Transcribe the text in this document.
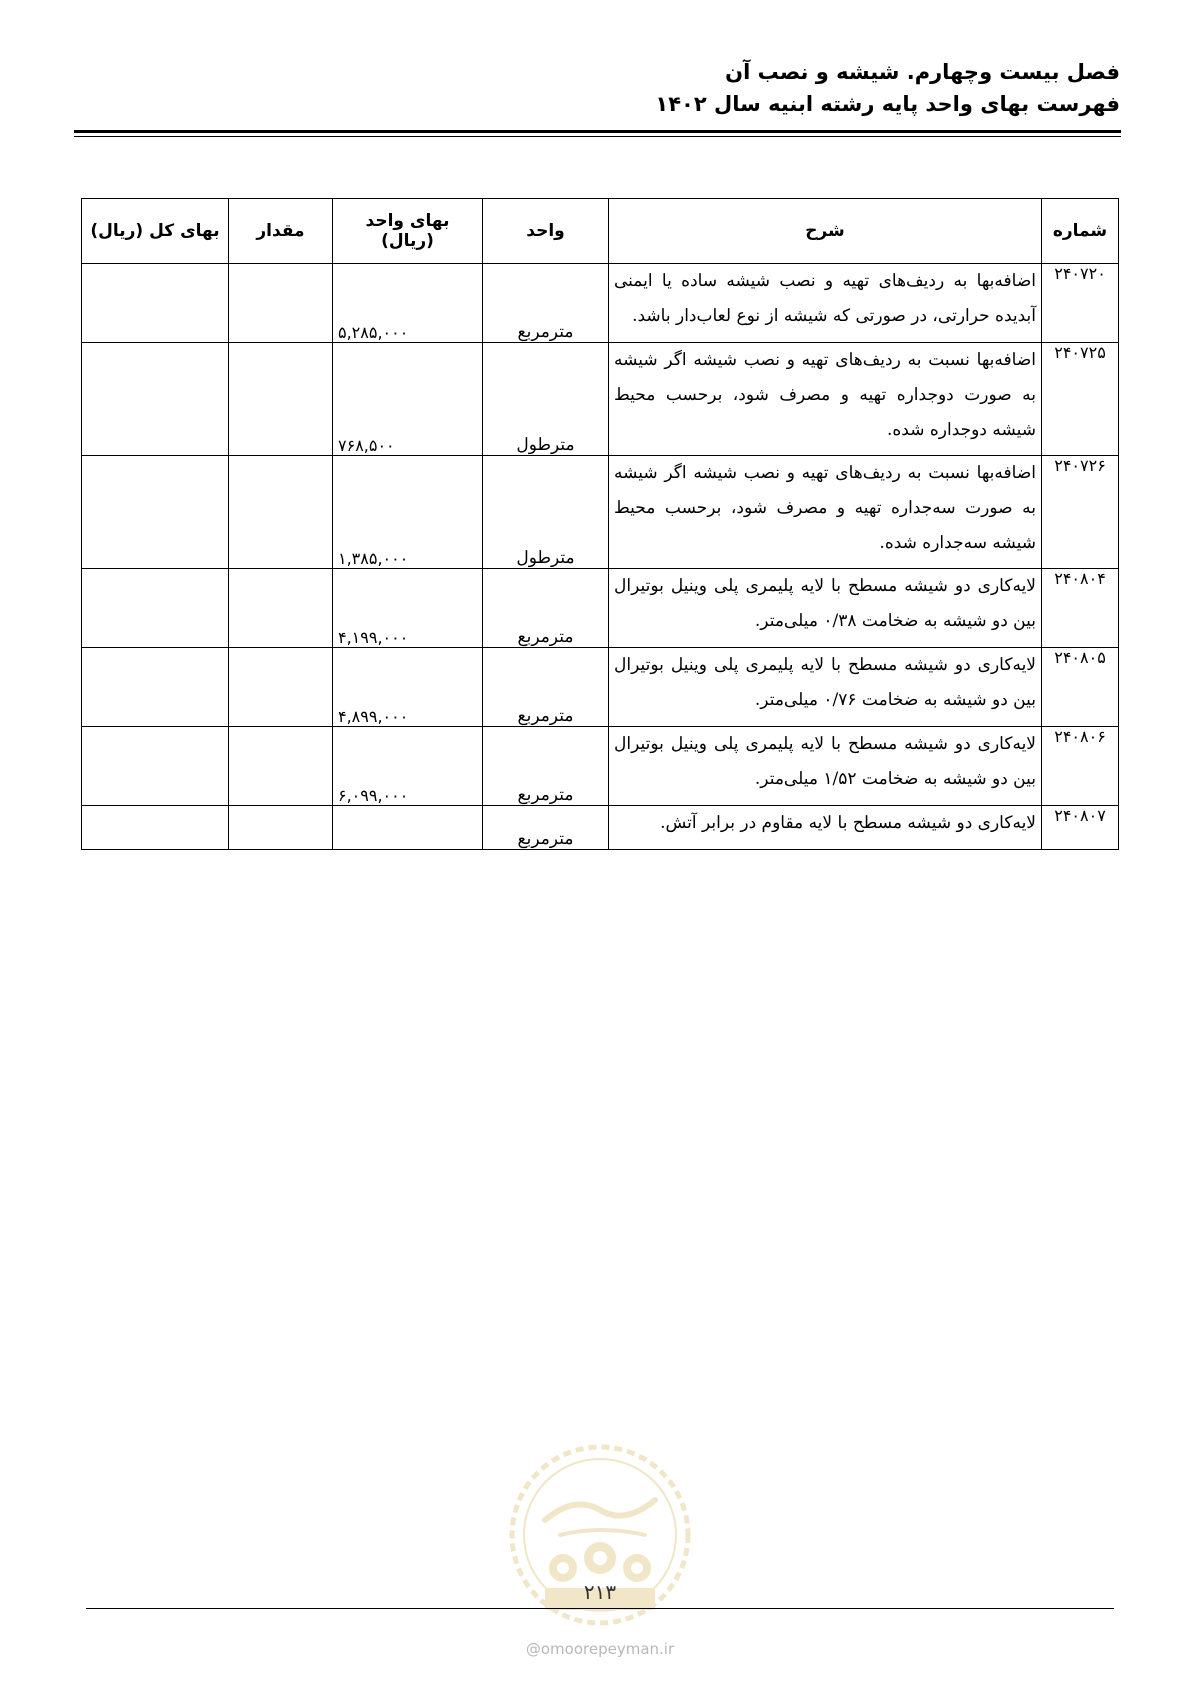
فصل بیست وچهارم. شیشه و نصب آن
فهرست بهای واحد پایه رشته ابنیه سال ۱۴۰۲
شماره	شرح	واحد	بهای واحد (ریال)	مقدار	بهای کل (ریال)
۲۴۰۷۲۰	اضافه‌بها به ردیف‌های تهیه و نصب شیشه ساده یا ایمنی آبدیده حرارتی، در صورتی که شیشه از نوع لعاب‌دار باشد.	مترمربع	۵,۲۸۵,۰۰۰		
۲۴۰۷۲۵	اضافه‌بها نسبت به ردیف‌های تهیه و نصب شیشه اگر شیشه به صورت دوجداره تهیه و مصرف شود، برحسب محیط شیشه دوجداره شده.	مترطول	۷۶۸,۵۰۰		
۲۴۰۷۲۶	اضافه‌بها نسبت به ردیف‌های تهیه و نصب شیشه اگر شیشه به صورت سه‌جداره تهیه و مصرف شود، برحسب محیط شیشه سه‌جداره شده.	مترطول	۱,۳۸۵,۰۰۰		
۲۴۰۸۰۴	لایه‌کاری دو شیشه مسطح با لایه پلیمری پلی وینیل بوتیرال بین دو شیشه به ضخامت ۰/۳۸ میلی‌متر.	مترمربع	۴,۱۹۹,۰۰۰		
۲۴۰۸۰۵	لایه‌کاری دو شیشه مسطح با لایه پلیمری پلی وینیل بوتیرال بین دو شیشه به ضخامت ۰/۷۶ میلی‌متر.	مترمربع	۴,۸۹۹,۰۰۰		
۲۴۰۸۰۶	لایه‌کاری دو شیشه مسطح با لایه پلیمری پلی وینیل بوتیرال بین دو شیشه به ضخامت ۱/۵۲ میلی‌متر.	مترمربع	۶,۰۹۹,۰۰۰		
۲۴۰۸۰۷	لایه‌کاری دو شیشه مسطح با لایه مقاوم در برابر آتش.	مترمربع			
۲۱۳
@omoorepeyman.ir
